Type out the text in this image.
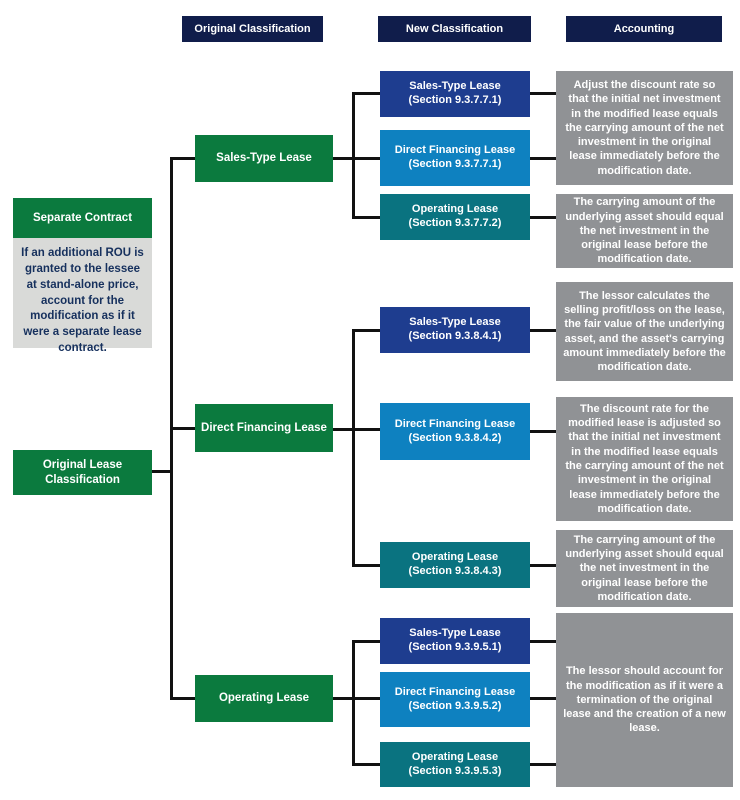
Original Classification	New Classification	Accounting
Separate Contract
If an additional ROU is granted to the lessee at stand-alone price, account for the modification as if it were a separate lease contract.
Original Lease Classification
Sales-Type Lease
Direct Financing Lease
Operating Lease
Sales-Type Lease
(Section 9.3.7.7.1)
Direct Financing Lease
(Section 9.3.7.7.1)
Operating Lease
(Section 9.3.7.7.2)
Adjust the discount rate so that the initial net investment in the modified lease equals the carrying amount of the net investment in the original lease immediately before the modification date.
The carrying amount of the underlying asset should equal the net investment in the original lease before the modification date.
Sales-Type Lease
(Section 9.3.8.4.1)
Direct Financing Lease
(Section 9.3.8.4.2)
Operating Lease
(Section 9.3.8.4.3)
The lessor calculates the selling profit/loss on the lease, the fair value of the underlying asset, and the asset's carrying amount immediately before the modification date.
The discount rate for the modified lease is adjusted so that the initial net investment in the modified lease equals the carrying amount of the net investment in the original lease immediately before the modification date.
The carrying amount of the underlying asset should equal the net investment in the original lease before the modification date.
Sales-Type Lease
(Section 9.3.9.5.1)
Direct Financing Lease
(Section 9.3.9.5.2)
Operating Lease
(Section 9.3.9.5.3)
The lessor should account for the modification as if it were a termination of the original lease and the creation of a new lease.
